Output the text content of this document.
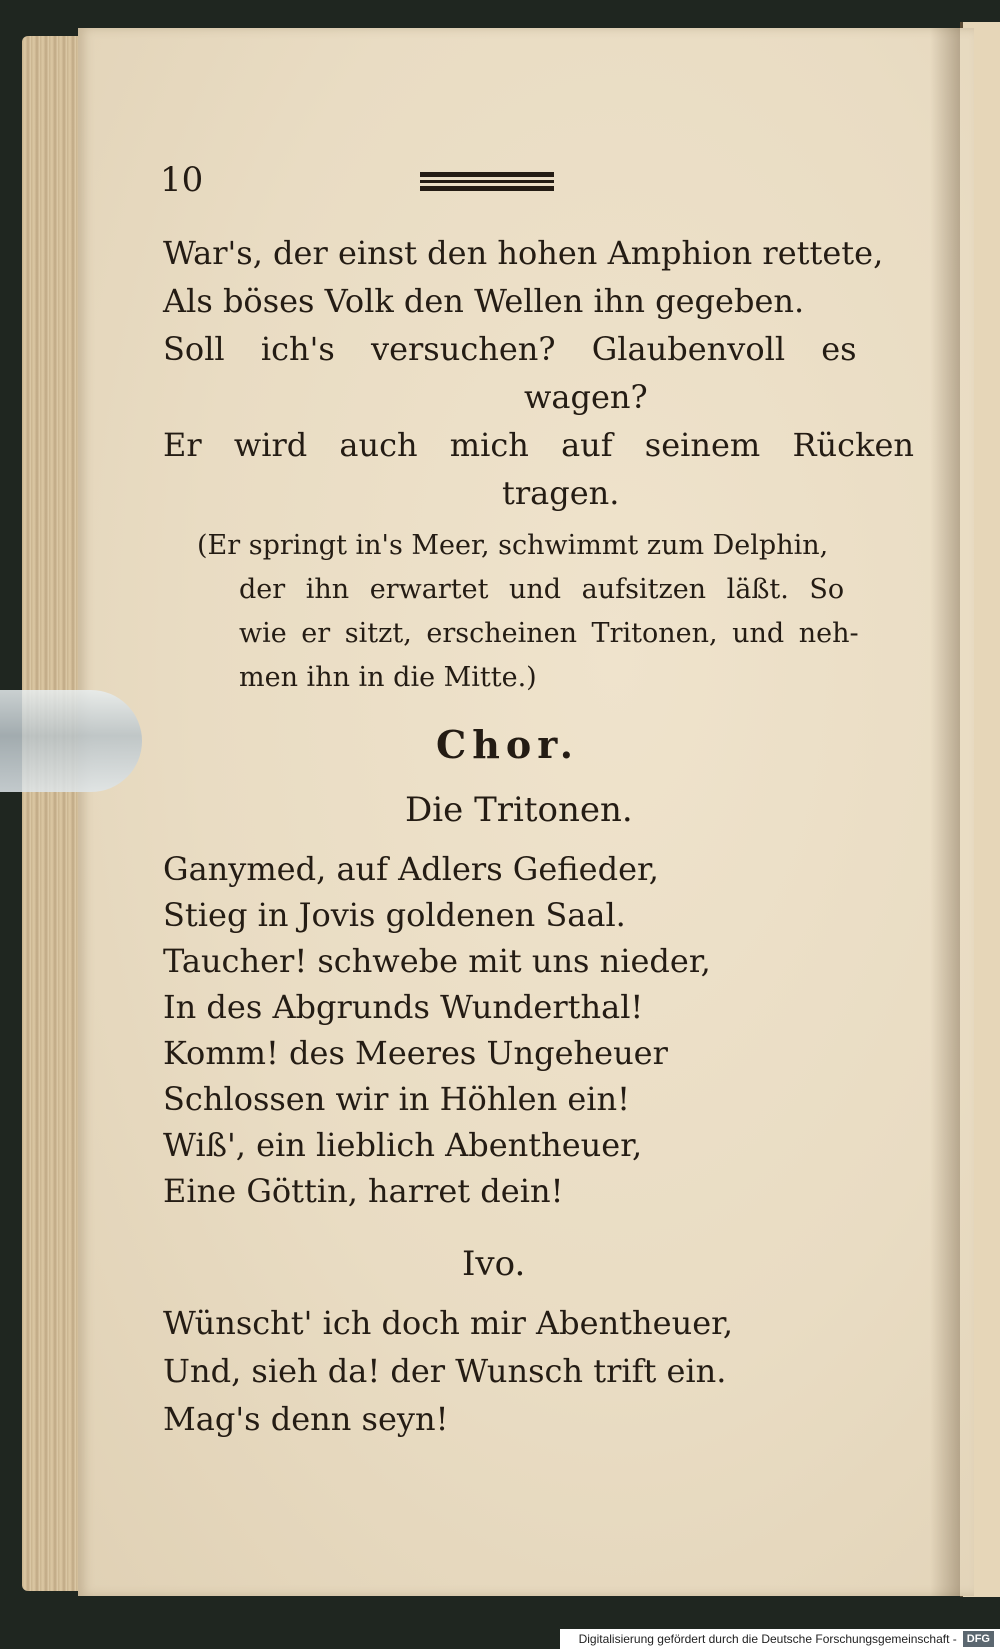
10
War's, der einst den hohen Amphion rettete,
Als böses Volk den Wellen ihn gegeben.
Soll ich's versuchen? Glaubenvoll es
wagen?
Er wird auch mich auf seinem Rücken
tragen.
(Er springt in's Meer, schwimmt zum Delphin,
der ihn erwartet und aufsitzen läßt. So
wie er sitzt, erscheinen Tritonen, und neh-
men ihn in die Mitte.)
Chor.
Die Tritonen.
Ganymed, auf Adlers Gefieder,
Stieg in Jovis goldenen Saal.
Taucher! schwebe mit uns nieder,
In des Abgrunds Wunderthal!
Komm! des Meeres Ungeheuer
Schlossen wir in Höhlen ein!
Wiß', ein lieblich Abentheuer,
Eine Göttin, harret dein!
Ivo.
Wünscht' ich doch mir Abentheuer,
Und, sieh da! der Wunsch trift ein.
Mag's denn seyn!
Digitalisierung gefördert durch die Deutsche Forschungsgemeinschaft - DFG
